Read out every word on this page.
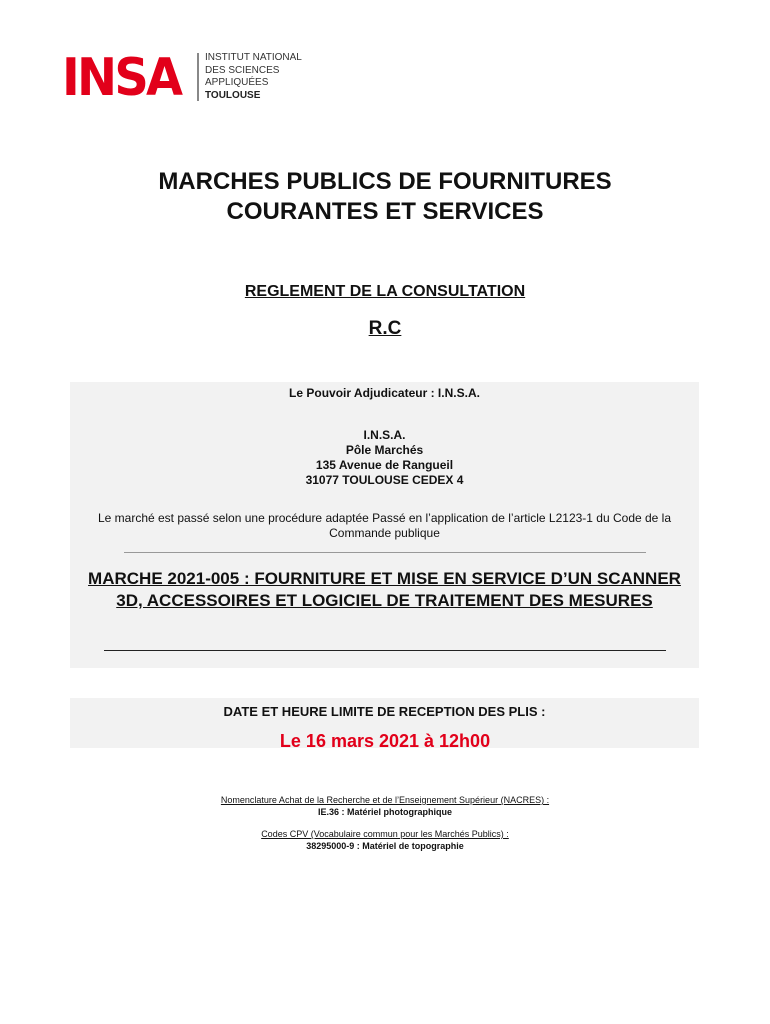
INSA INSTITUT NATIONAL
DES SCIENCES
APPLIQUÉES
TOULOUSE
MARCHES PUBLICS DE FOURNITURES
COURANTES ET SERVICES
REGLEMENT DE LA CONSULTATION
R.C
Le Pouvoir Adjudicateur : I.N.S.A.
I.N.S.A.
Pôle Marchés
135 Avenue de Rangueil
31077 TOULOUSE CEDEX 4
Le marché est passé selon une procédure adaptée Passé en l’application de l’article L2123-1 du Code de la Commande publique
MARCHE 2021-005 : FOURNITURE ET MISE EN SERVICE D’UN SCANNER 3D, ACCESSOIRES ET LOGICIEL DE TRAITEMENT DES MESURES
DATE ET HEURE LIMITE DE RECEPTION DES PLIS :
Le 16 mars 2021 à 12h00
Nomenclature Achat de la Recherche et de l’Enseignement Supérieur (NACRES) :
IE.36 : Matériel photographique
Codes CPV (Vocabulaire commun pour les Marchés Publics) :
38295000-9 : Matériel de topographie
